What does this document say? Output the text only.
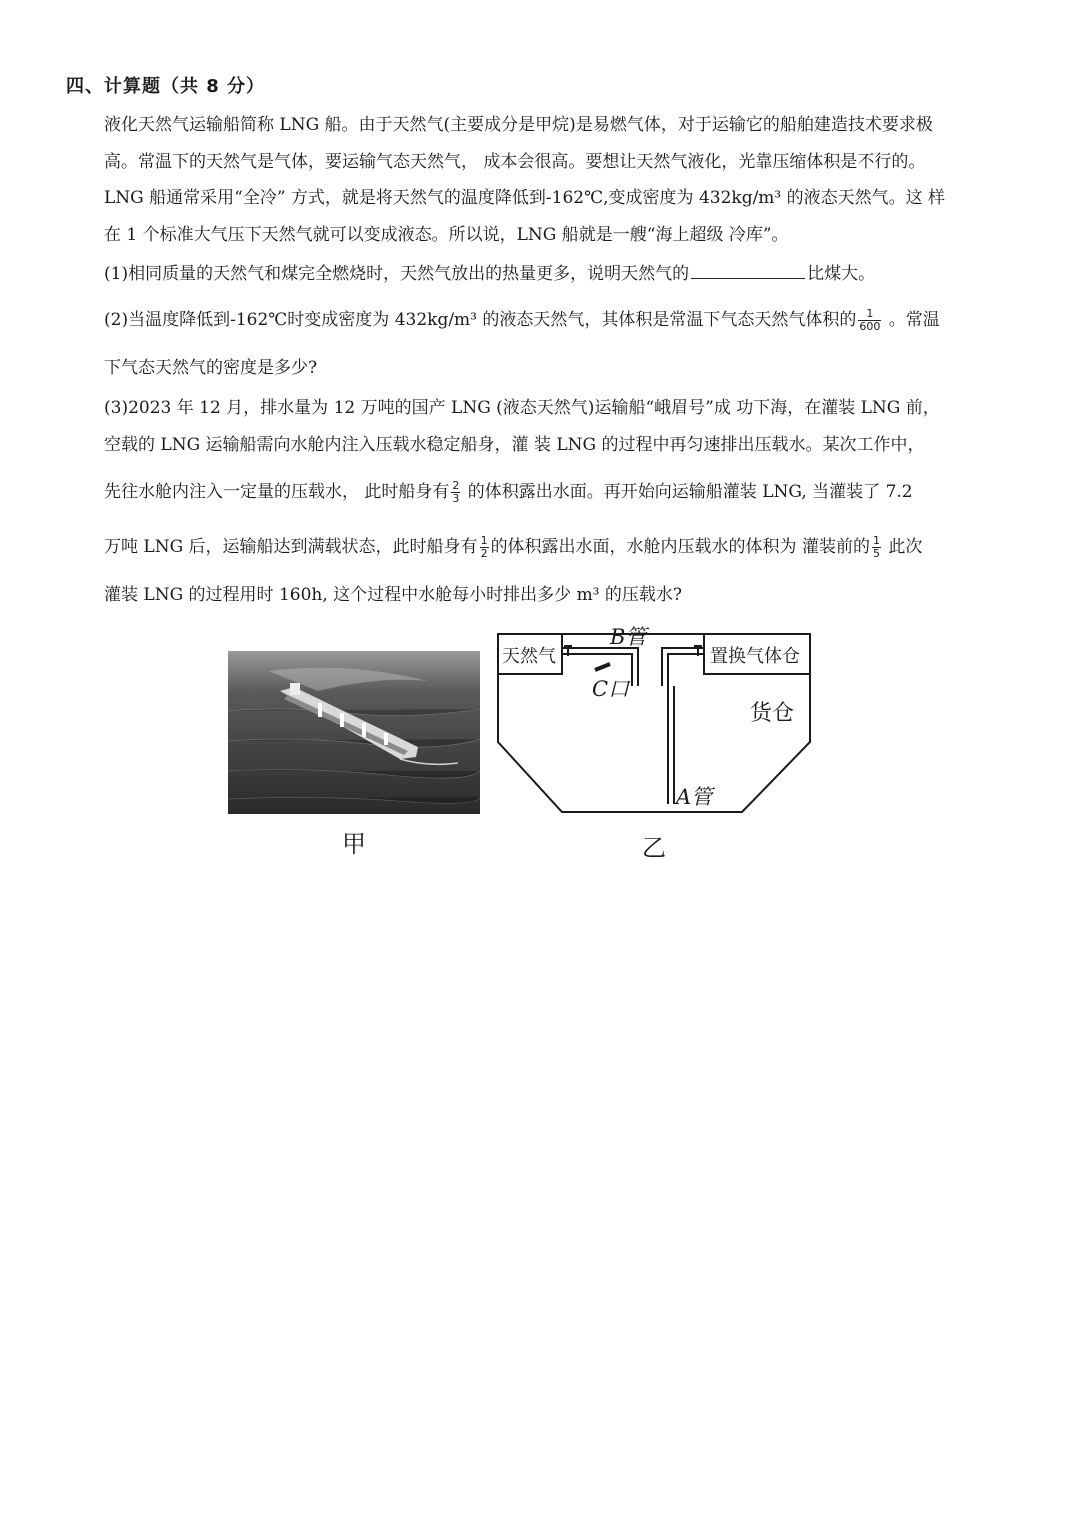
四、计算题（共 8 分）
液化天然气运输船简称 LNG 船。由于天然气(主要成分是甲烷)是易燃气体，对于运输它的船舶建造技术要求极
高。常温下的天然气是气体，要运输气态天然气， 成本会很高。要想让天然气液化，光靠压缩体积是不行的。
LNG 船通常采用“全冷” 方式，就是将天然气的温度降低到-162℃,变成密度为 432kg/m³ 的液态天然气。这 样
在 1 个标准大气压下天然气就可以变成液态。所以说，LNG 船就是一艘“海上超级 冷库”。
(1)相同质量的天然气和煤完全燃烧时，天然气放出的热量更多，说明天然气的	比煤大。
(2)当温度降低到-162℃时变成密度为 432kg/m³ 的液态天然气，其体积是常温下气态天然气体积的 $\frac{1}{600}$ 。常温
下气态天然气的密度是多少?
(3)2023 年 12 月，排水量为 12 万吨的国产 LNG (液态天然气)运输船“峨眉号”成 功下海，在灌装 LNG 前，
空载的 LNG 运输船需向水舱内注入压载水稳定船身，灌 装 LNG 的过程中再匀速排出压载水。某次工作中，
先往水舱内注入一定量的压载水， 此时船身有 $\frac{2}{3}$ 的体积露出水面。再开始向运输船灌装 LNG, 当灌装了 7.2
万吨 LNG 后，运输船达到满载状态，此时船身有 $\frac{1}{2}$ 的体积露出水面，水舱内压载水的体积为 灌装前的 $\frac{1}{5}$ 此次
灌装 LNG 的过程用时 160h, 这个过程中水舱每小时排出多少 m³ 的压载水?
甲
天然气
B管
C口
置换气体仓
货仓
A管
乙
